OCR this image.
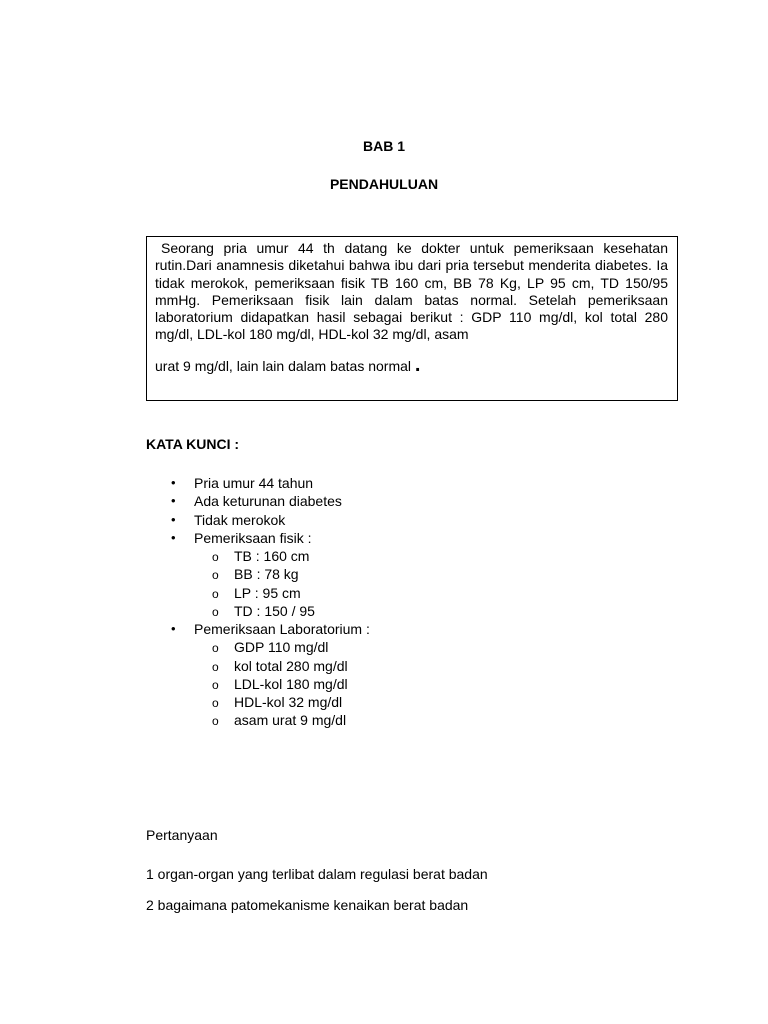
BAB 1
PENDAHULUAN

Seorang pria umur 44 th datang ke dokter untuk pemeriksaan kesehatan rutin.Dari anamnesis diketahui bahwa ibu dari pria tersebut menderita diabetes. Ia tidak merokok, pemeriksaan fisik TB 160 cm, BB 78 Kg, LP 95 cm, TD 150/95 mmHg. Pemeriksaan fisik lain dalam batas normal. Setelah pemeriksaan laboratorium didapatkan hasil sebagai berikut : GDP 110 mg/dl, kol total 280 mg/dl, LDL-kol 180 mg/dl, HDL-kol 32 mg/dl, asam

urat 9 mg/dl, lain lain dalam batas normal .

KATA KUNCI :
• Pria umur 44 tahun
• Ada keturunan diabetes
• Tidak merokok
• Pemeriksaan fisik :
o TB : 160 cm
o BB : 78 kg
o LP : 95 cm
o TD : 150 / 95
• Pemeriksaan Laboratorium :
o GDP 110 mg/dl
o kol total 280 mg/dl
o LDL-kol 180 mg/dl
o HDL-kol 32 mg/dl
o asam urat 9 mg/dl
Pertanyaan
1 organ-organ yang terlibat dalam regulasi berat badan
2 bagaimana patomekanisme kenaikan berat badan
